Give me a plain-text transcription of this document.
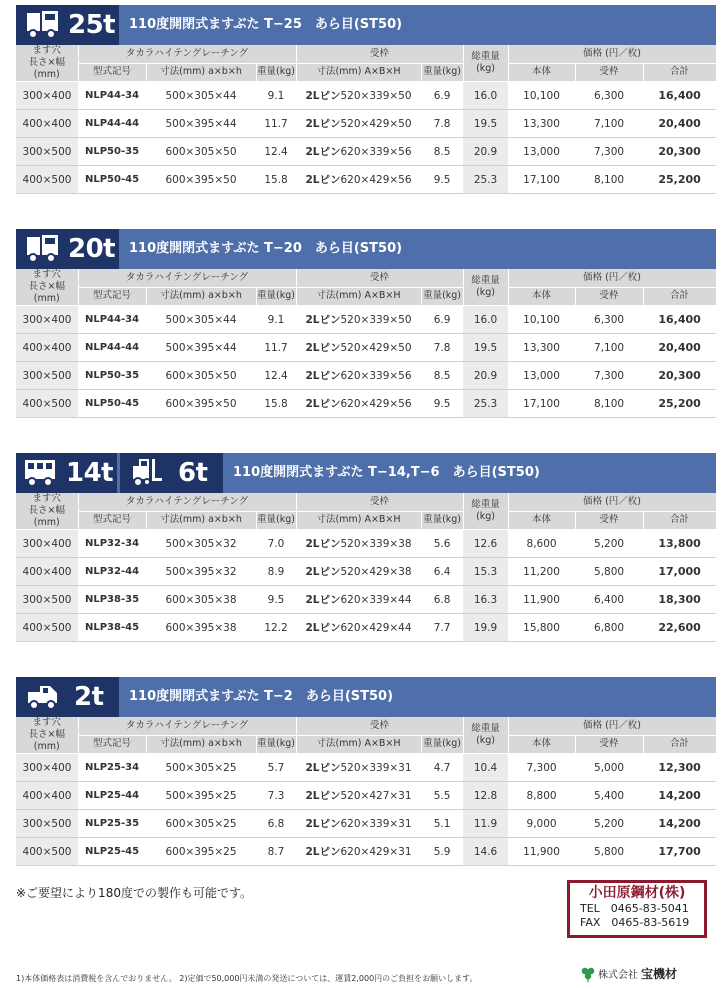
25t 110度開閉式ますぶた T−25　あら目(ST50)
ます穴
長さ×幅
(mm)	タカラハイテングレーチング			受枠		総重量
(kg)	価格 (円／枚)		
	型式記号	寸法(mm) a×b×h	重量(kg)	寸法(mm) A×B×H	重量(kg)		本体	受枠	合計
300×400	NLP44-34	500×305×44	9.1	2Lピン520×339×50	6.9	16.0	10,100	6,300	16,400
400×400	NLP44-44	500×395×44	11.7	2Lピン520×429×50	7.8	19.5	13,300	7,100	20,400
300×500	NLP50-35	600×305×50	12.4	2Lピン620×339×56	8.5	20.9	13,000	7,300	20,300
400×500	NLP50-45	600×395×50	15.8	2Lピン620×429×56	9.5	25.3	17,100	8,100	25,200
20t 110度開閉式ますぶた T−20　あら目(ST50)
ます穴
長さ×幅
(mm)	タカラハイテングレーチング			受枠		総重量
(kg)	価格 (円／枚)		
	型式記号	寸法(mm) a×b×h	重量(kg)	寸法(mm) A×B×H	重量(kg)		本体	受枠	合計
300×400	NLP44-34	500×305×44	9.1	2Lピン520×339×50	6.9	16.0	10,100	6,300	16,400
400×400	NLP44-44	500×395×44	11.7	2Lピン520×429×50	7.8	19.5	13,300	7,100	20,400
300×500	NLP50-35	600×305×50	12.4	2Lピン620×339×56	8.5	20.9	13,000	7,300	20,300
400×500	NLP50-45	600×395×50	15.8	2Lピン620×429×56	9.5	25.3	17,100	8,100	25,200
14t 6t 110度開閉式ますぶた T−14,T−6　あら目(ST50)
ます穴
長さ×幅
(mm)	タカラハイテングレーチング			受枠		総重量
(kg)	価格 (円／枚)		
	型式記号	寸法(mm) a×b×h	重量(kg)	寸法(mm) A×B×H	重量(kg)		本体	受枠	合計
300×400	NLP32-34	500×305×32	7.0	2Lピン520×339×38	5.6	12.6	8,600	5,200	13,800
400×400	NLP32-44	500×395×32	8.9	2Lピン520×429×38	6.4	15.3	11,200	5,800	17,000
300×500	NLP38-35	600×305×38	9.5	2Lピン620×339×44	6.8	16.3	11,900	6,400	18,300
400×500	NLP38-45	600×395×38	12.2	2Lピン620×429×44	7.7	19.9	15,800	6,800	22,600
2t 110度開閉式ますぶた T−2　あら目(ST50)
ます穴
長さ×幅
(mm)	タカラハイテングレーチング			受枠		総重量
(kg)	価格 (円／枚)		
	型式記号	寸法(mm) a×b×h	重量(kg)	寸法(mm) A×B×H	重量(kg)		本体	受枠	合計
300×400	NLP25-34	500×305×25	5.7	2Lピン520×339×31	4.7	10.4	7,300	5,000	12,300
400×400	NLP25-44	500×395×25	7.3	2Lピン520×427×31	5.5	12.8	8,800	5,400	14,200
300×500	NLP25-35	600×305×25	6.8	2Lピン620×339×31	5.1	11.9	9,000	5,200	14,200
400×500	NLP25-45	600×395×25	8.7	2Lピン620×429×31	5.9	14.6	11,900	5,800	17,700
※ご要望により180度での製作も可能です。	小田原鋼材(株)
TEL　0465-83-5041
FAX　0465-83-5619
1)本体価格表は消費税を含んでおりません。 2)定価で50,000円未満の発送については、運賃2,000円のご負担をお願いします。	株式会社 宝機材
